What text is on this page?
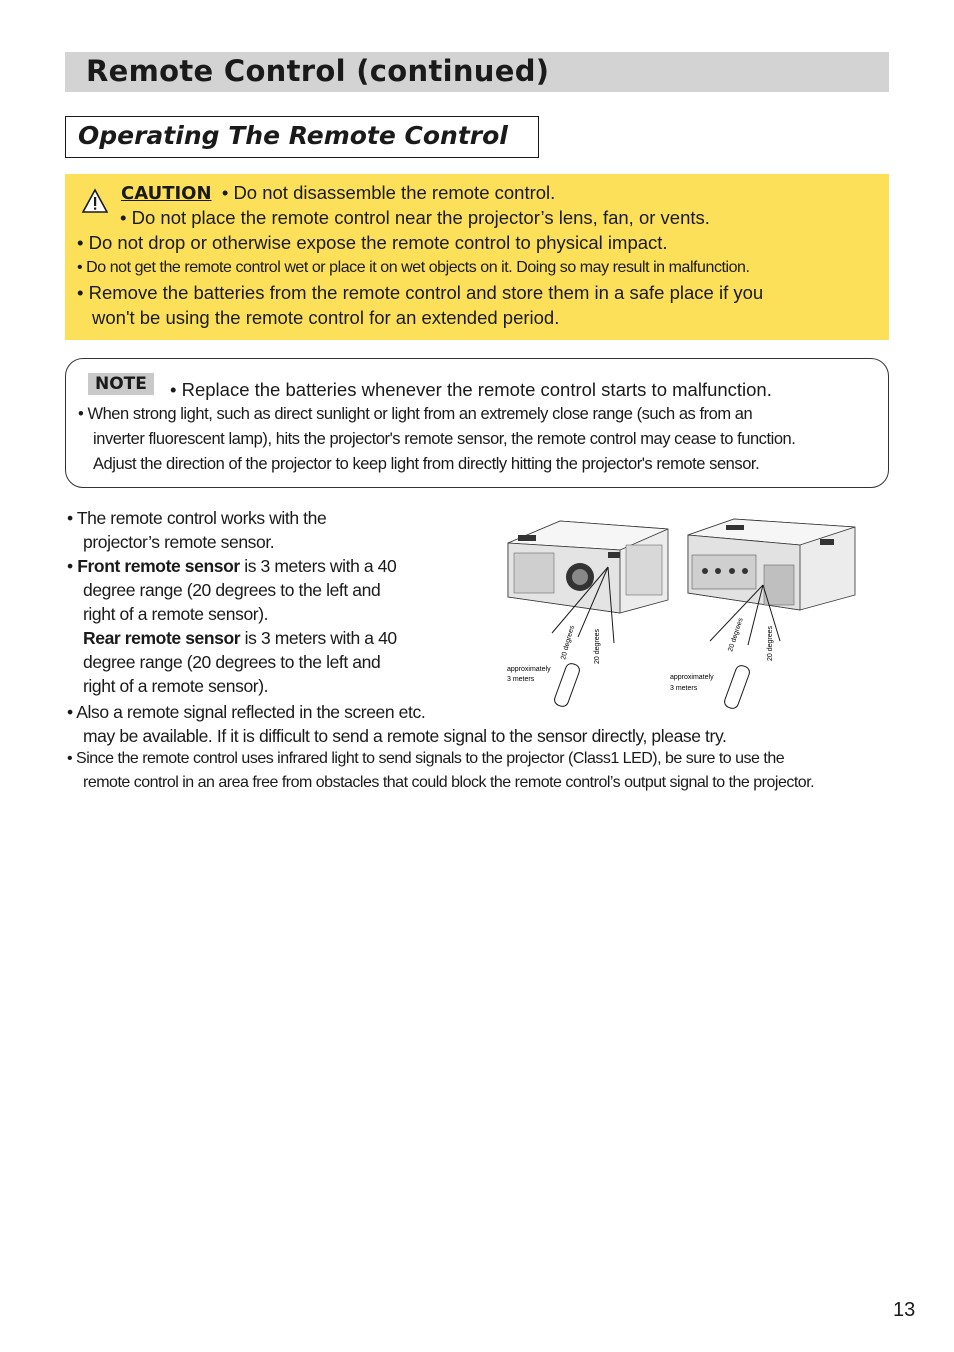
Remote Control (continued)
Operating The Remote Control
CAUTION • Do not disassemble the remote control.
• Do not place the remote control near the projector’s lens, fan, or vents.
• Do not drop or otherwise expose the remote control to physical impact.
• Do not get the remote control wet or place it on wet objects on it. Doing so may result in malfunction.
• Remove the batteries from the remote control and store them in a safe place if you
won't be using the remote control for an extended period.
NOTE	• Replace the batteries whenever the remote control starts to malfunction.
• When strong light, such as direct sunlight or light from an extremely close range (such as from an
inverter fluorescent lamp), hits the projector's remote sensor, the remote control may cease to function.
Adjust the direction of the projector to keep light from directly hitting the projector's remote sensor.
• The remote control works with the
projector’s remote sensor.
• Front remote sensor is 3 meters with a 40
degree range (20 degrees to the left and
right of a remote sensor).
Rear remote sensor is 3 meters with a 40
degree range (20 degrees to the left and
right of a remote sensor).
• Also a remote signal reflected in the screen etc.
may be available. If it is difficult to send a remote signal to the sensor directly, please try.
• Since the remote control uses infrared light to send signals to the projector (Class1 LED), be sure to use the
remote control in an area free from obstacles that could block the remote control’s output signal to the projector.
20 degrees	20 degrees	20 degrees	20 degrees
approximately
3 meters	approximately
3 meters
13
